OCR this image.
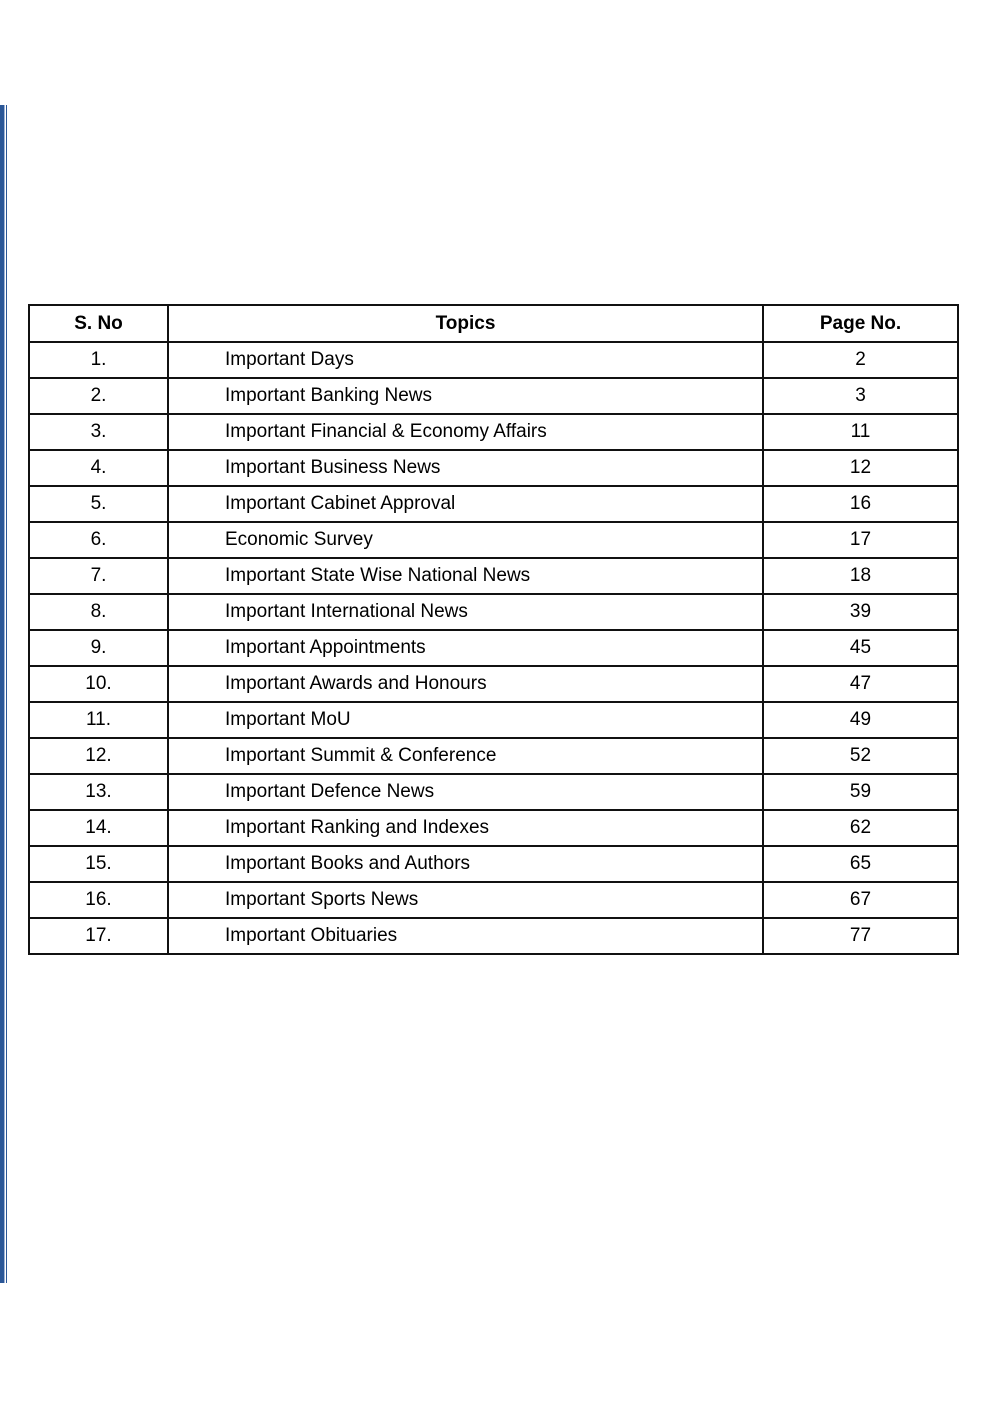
S. No	Topics	Page No.
1.	Important Days	2
2.	Important Banking News	3
3.	Important Financial & Economy Affairs	11
4.	Important Business News	12
5.	Important Cabinet Approval	16
6.	Economic Survey	17
7.	Important State Wise National News	18
8.	Important International News	39
9.	Important Appointments	45
10.	Important Awards and Honours	47
11.	Important MoU	49
12.	Important Summit & Conference	52
13.	Important Defence News	59
14.	Important Ranking and Indexes	62
15.	Important Books and Authors	65
16.	Important Sports News	67
17.	Important Obituaries	77
